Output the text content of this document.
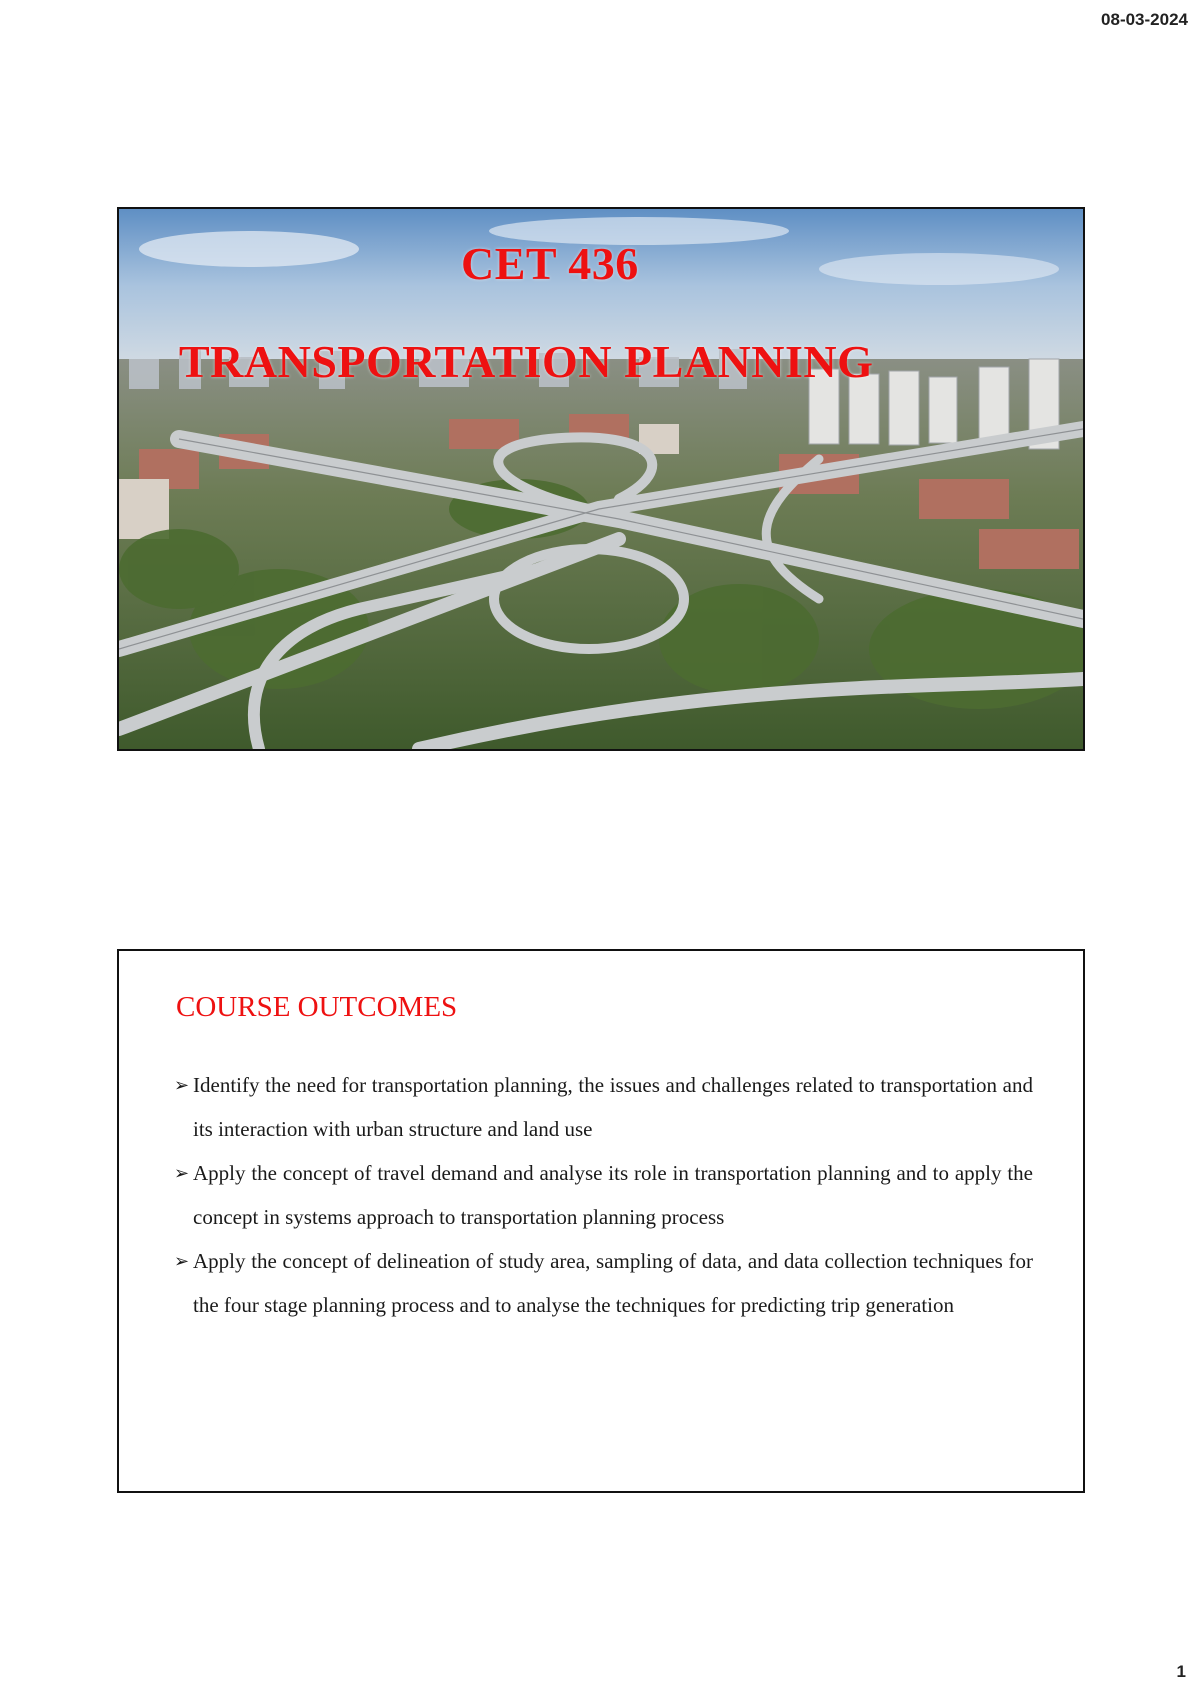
08-03-2024

CET 436

TRANSPORTATION PLANNING

COURSE OUTCOMES
➢ Identify the need for transportation planning, the issues and challenges related to transportation and its interaction with urban structure and land use
➢ Apply the concept of travel demand and analyse its role in transportation planning and to apply the concept in systems approach to transportation planning process
➢ Apply the concept of delineation of study area, sampling of data, and data collection techniques for the four stage planning process and to analyse the techniques for predicting trip generation
1
